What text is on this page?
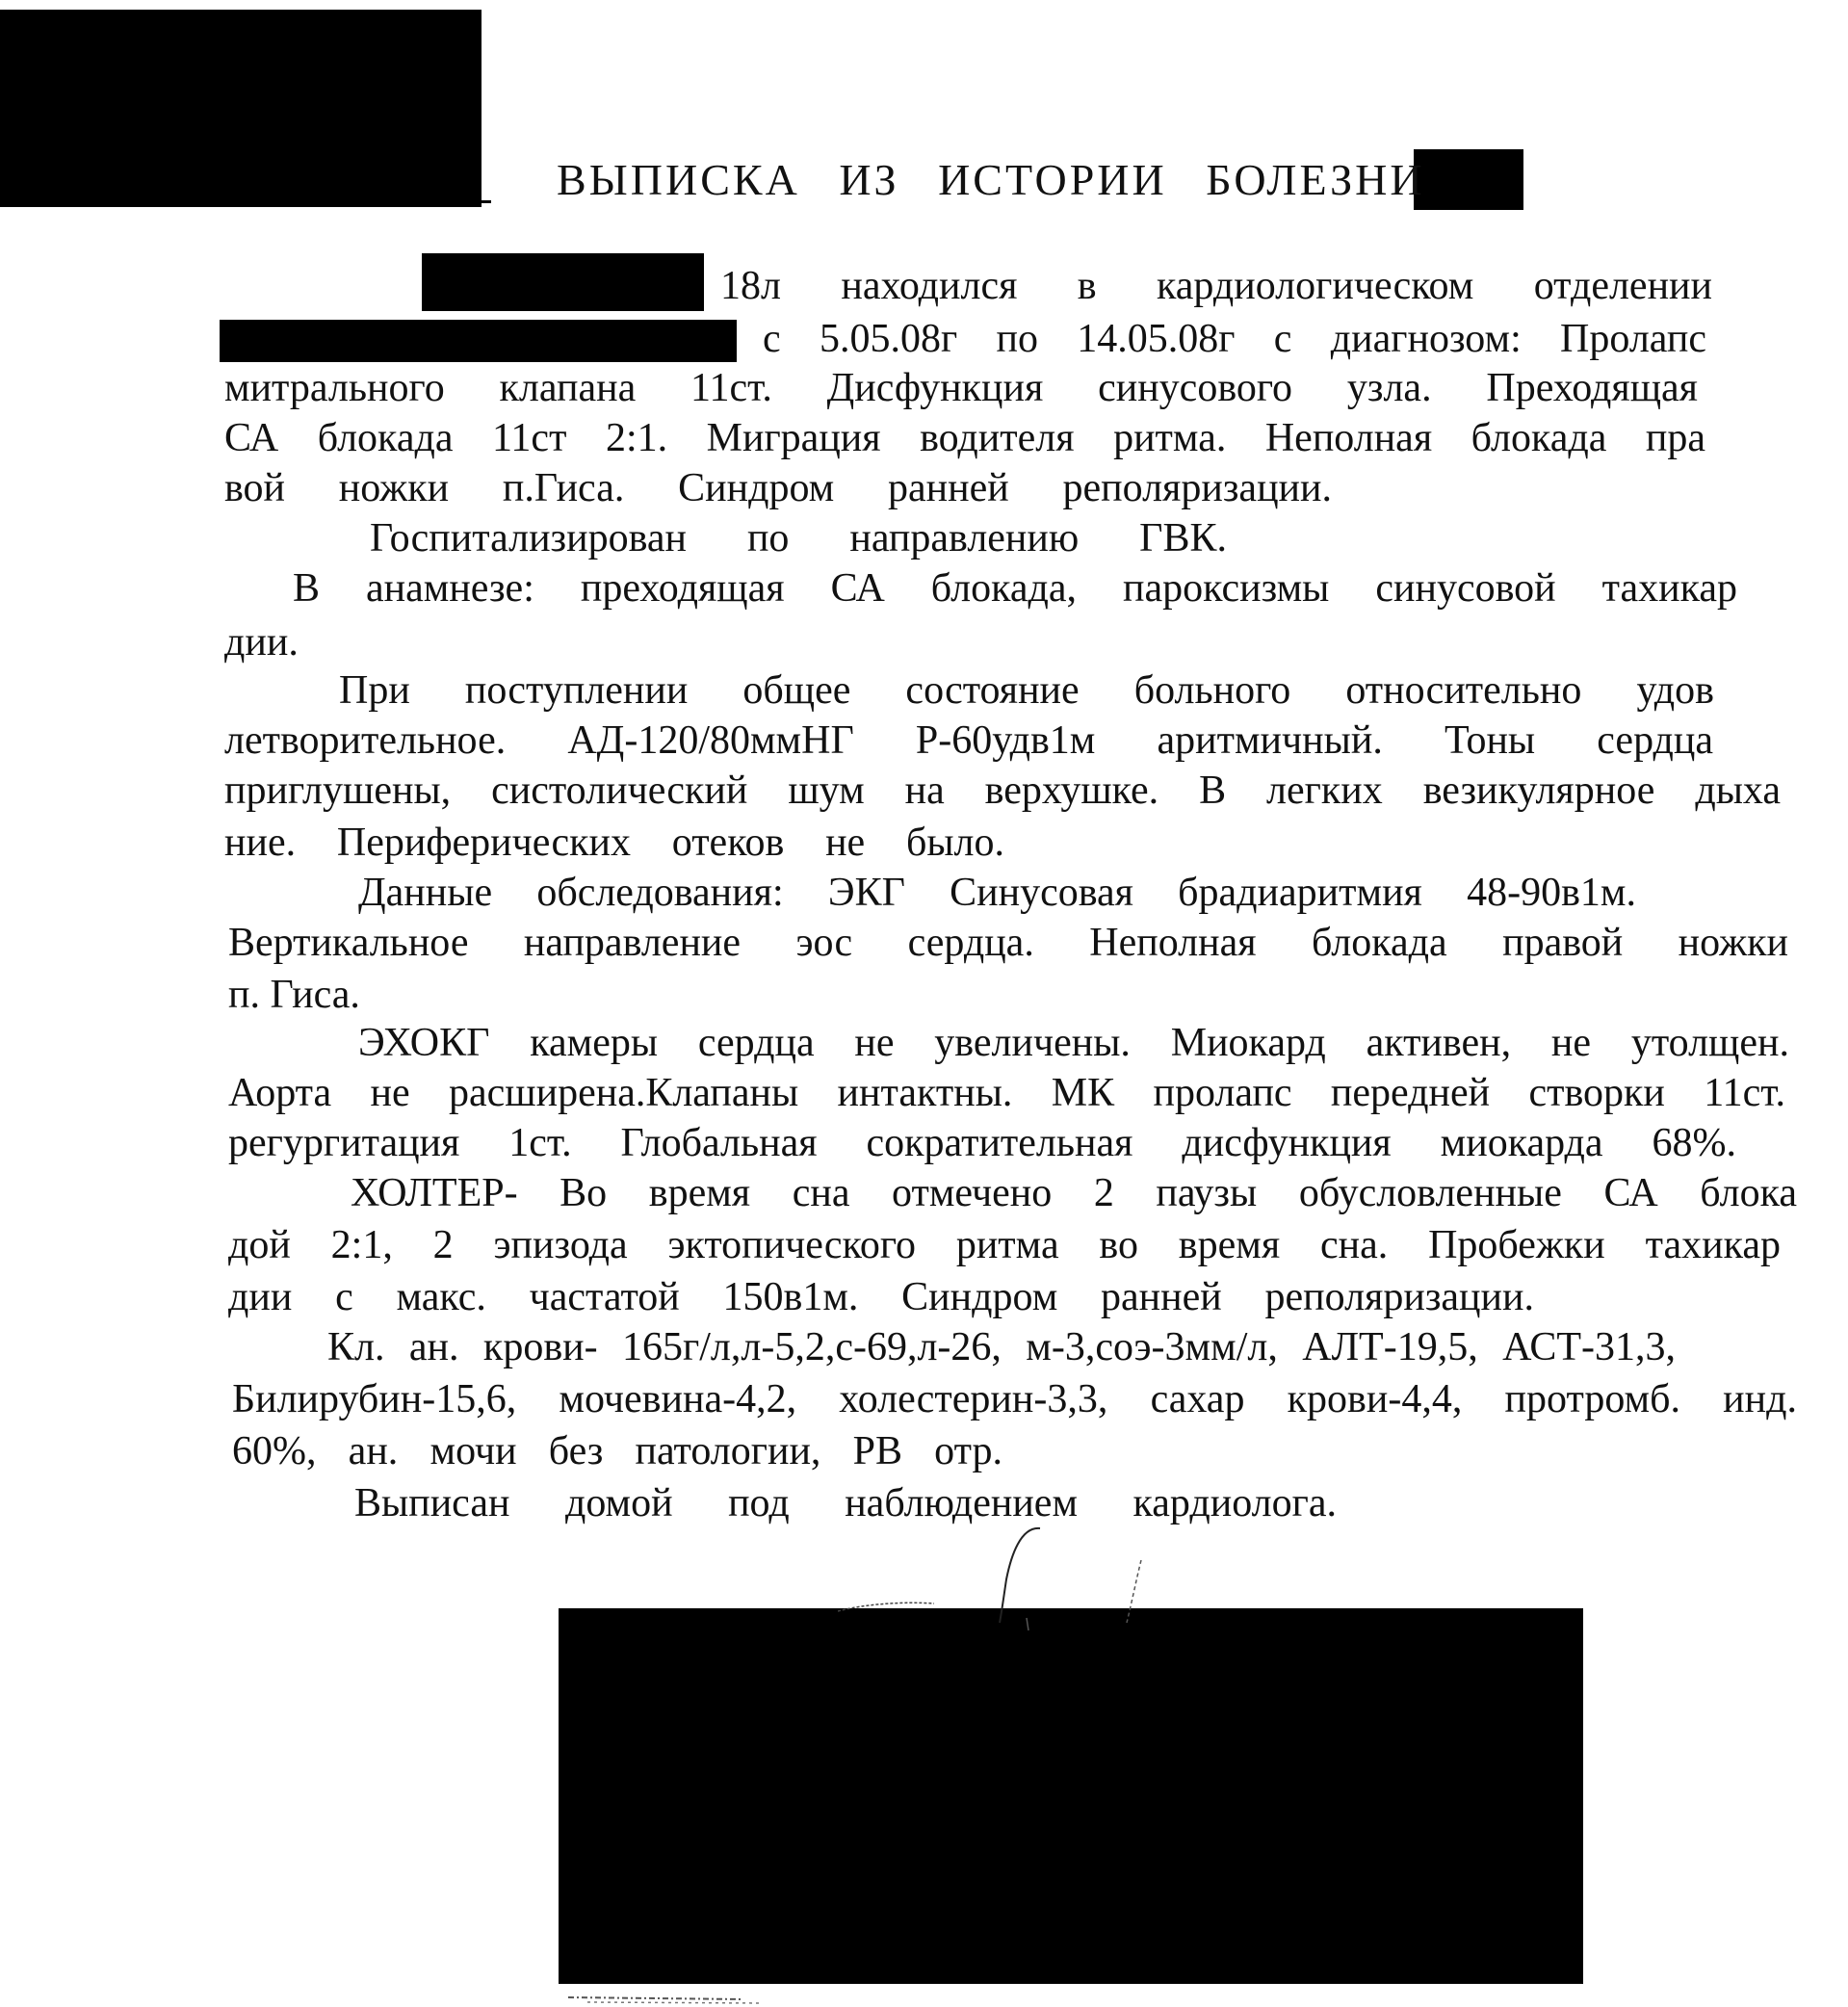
ВЫПИСКА ИЗ ИСТОРИИ БОЛЕЗНИ

18л находился в кардиологическом отделении

с 5.05.08г по 14.05.08г с диагнозом: Пролапс

митрального клапана 11ст. Дисфункция синусового узла. Преходящая

СА блокада 11ст 2:1. Миграция водителя ритма. Неполная блокада пра

вой ножки п.Гиса. Синдром ранней реполяризации.

Госпитализирован по направлению ГВК.

В анамнезе: преходящая СА блокада, пароксизмы синусовой тахикар

дии.

При поступлении общее состояние больного относительно удов

летворительное. АД-120/80ммНГ Р-60удв1м аритмичный. Тоны сердца

приглушены, систолический шум на верхушке. В легких везикулярное дыха

ние. Периферических отеков не было.

Данные обследования: ЭКГ Синусовая брадиаритмия 48-90в1м.

Вертикальное направление эос сердца. Неполная блокада правой ножки

п. Гиса.

ЭХОКГ камеры сердца не увеличены. Миокард активен, не утолщен.

Аорта не расширена.Клапаны интактны. МК пролапс передней створки 11ст.

регургитация 1ст. Глобальная сократительная дисфункция миокарда 68%.

ХОЛТЕР- Во время сна отмечено 2 паузы обусловленные СА блока

дой 2:1, 2 эпизода эктопического ритма во время сна. Пробежки тахикар

дии с макс. частатой 150в1м. Синдром ранней реполяризации.

Кл. ан. крови- 165г/л,л-5,2,с-69,л-26, м-3,соэ-3мм/л, АЛТ-19,5, АСТ-31,3,

Билирубин-15,6, мочевина-4,2, холестерин-3,3, сахар крови-4,4, протромб. инд.

60%, ан. мочи без патологии, РВ отр.

Выписан домой под наблюдением кардиолога.
